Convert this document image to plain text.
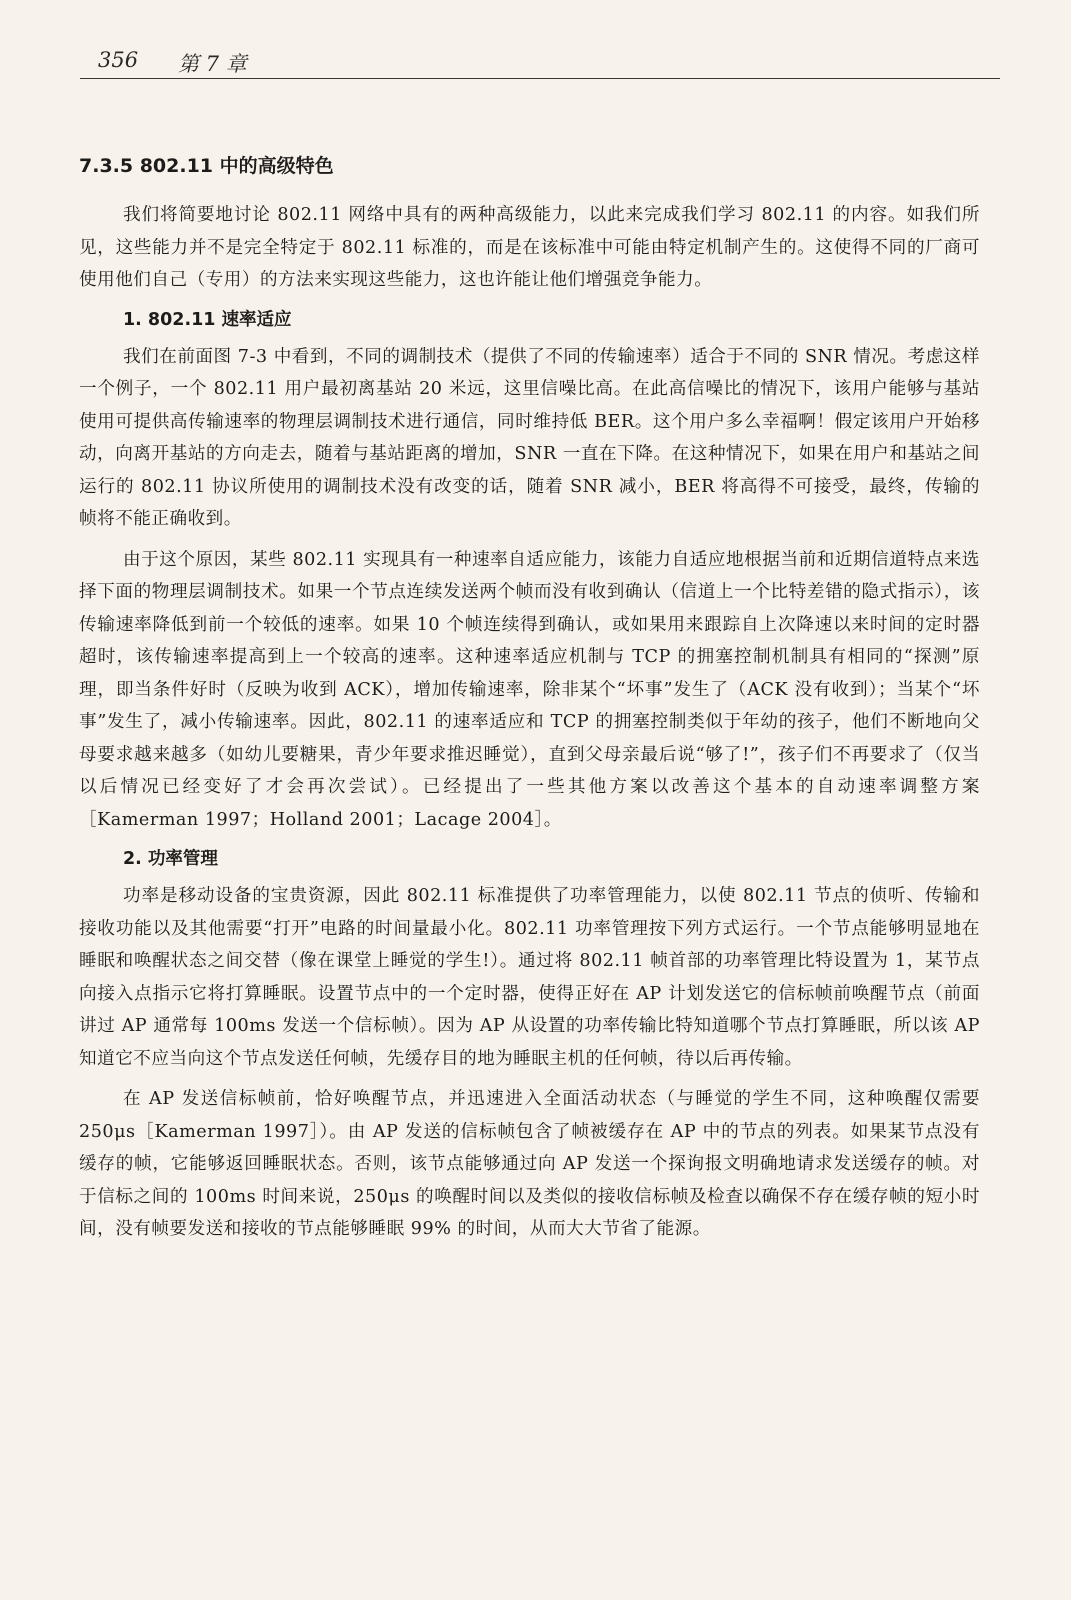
356 第 7 章
7.3.5 802.11 中的高级特色

我们将简要地讨论 802.11 网络中具有的两种高级能力，以此来完成我们学习 802.11 的内容。如我们所见，这些能力并不是完全特定于 802.11 标准的，而是在该标准中可能由特定机制产生的。这使得不同的厂商可使用他们自己（专用）的方法来实现这些能力，这也许能让他们增强竞争能力。

1. 802.11 速率适应

我们在前面图 7-3 中看到，不同的调制技术（提供了不同的传输速率）适合于不同的 SNR 情况。考虑这样一个例子，一个 802.11 用户最初离基站 20 米远，这里信噪比高。在此高信噪比的情况下，该用户能够与基站使用可提供高传输速率的物理层调制技术进行通信，同时维持低 BER。这个用户多么幸福啊！假定该用户开始移动，向离开基站的方向走去，随着与基站距离的增加，SNR 一直在下降。在这种情况下，如果在用户和基站之间运行的 802.11 协议所使用的调制技术没有改变的话，随着 SNR 减小，BER 将高得不可接受，最终，传输的帧将不能正确收到。

由于这个原因，某些 802.11 实现具有一种速率自适应能力，该能力自适应地根据当前和近期信道特点来选择下面的物理层调制技术。如果一个节点连续发送两个帧而没有收到确认（信道上一个比特差错的隐式指示），该传输速率降低到前一个较低的速率。如果 10 个帧连续得到确认，或如果用来跟踪自上次降速以来时间的定时器超时，该传输速率提高到上一个较高的速率。这种速率适应机制与 TCP 的拥塞控制机制具有相同的“探测”原理，即当条件好时（反映为收到 ACK），增加传输速率，除非某个“坏事”发生了（ACK 没有收到）；当某个“坏事”发生了，减小传输速率。因此，802.11 的速率适应和 TCP 的拥塞控制类似于年幼的孩子，他们不断地向父母要求越来越多（如幼儿要糖果，青少年要求推迟睡觉），直到父母亲最后说“够了!”，孩子们不再要求了（仅当以后情况已经变好了才会再次尝试）。已经提出了一些其他方案以改善这个基本的自动速率调整方案［Kamerman 1997；Holland 2001；Lacage 2004］。

2. 功率管理

功率是移动设备的宝贵资源，因此 802.11 标准提供了功率管理能力，以使 802.11 节点的侦听、传输和接收功能以及其他需要“打开”电路的时间量最小化。802.11 功率管理按下列方式运行。一个节点能够明显地在睡眠和唤醒状态之间交替（像在课堂上睡觉的学生!）。通过将 802.11 帧首部的功率管理比特设置为 1，某节点向接入点指示它将打算睡眠。设置节点中的一个定时器，使得正好在 AP 计划发送它的信标帧前唤醒节点（前面讲过 AP 通常每 100ms 发送一个信标帧）。因为 AP 从设置的功率传输比特知道哪个节点打算睡眠，所以该 AP 知道它不应当向这个节点发送任何帧，先缓存目的地为睡眠主机的任何帧，待以后再传输。

在 AP 发送信标帧前，恰好唤醒节点，并迅速进入全面活动状态（与睡觉的学生不同，这种唤醒仅需要 250μs［Kamerman 1997］）。由 AP 发送的信标帧包含了帧被缓存在 AP 中的节点的列表。如果某节点没有缓存的帧，它能够返回睡眠状态。否则，该节点能够通过向 AP 发送一个探询报文明确地请求发送缓存的帧。对于信标之间的 100ms 时间来说，250μs 的唤醒时间以及类似的接收信标帧及检查以确保不存在缓存帧的短小时间，没有帧要发送和接收的节点能够睡眠 99% 的时间，从而大大节省了能源。
